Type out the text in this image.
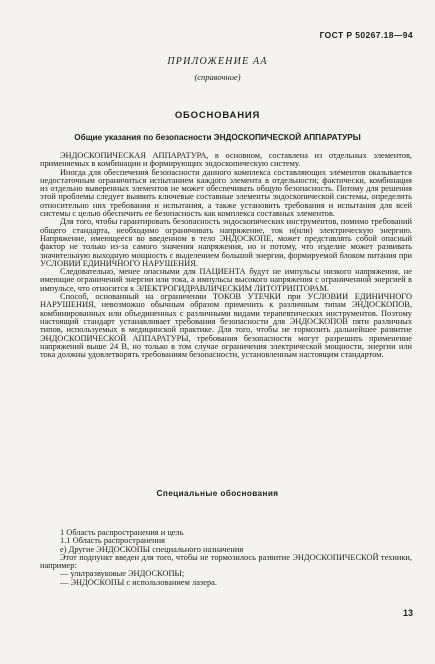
ГОСТ Р 50267.18—94
ПРИЛОЖЕНИЕ АА
(справочное)
ОБОСНОВАНИЯ
Общие указания по безопасности ЭНДОСКОПИЧЕСКОЙ АППАРАТУРЫ

ЭНДОСКОПИЧЕСКАЯ АППАРАТУРА, в основном, составлена из отдельных элементов, применяемых в комбинации и формирующих эндоскопическую систему.

Иногда для обеспечения безопасности данного комплекса составляющих элементов оказывается недостаточным ограничиться испытанием каждого элемента в отдельности; фактически, комбинация из отдельно выверенных элементов не может обеспечивать общую безопасность. Потому для решения этой проблемы следует выявить ключевые составные элементы эндоскопической системы, определить относительно них требования и испытания, а также установить требования и испытания для всей системы с целью обеспечить ее безопасность как комплекса составных элементов.

Для того, чтобы гарантировать безопасность эндоскопических инструментов, помимо требований общего стандарта, необходимо ограничивать напряжение, ток и(или) электрическую энергию. Напряжение, имеющееся во введенном в тело ЭНДОСКОПЕ, может представлять собой опасный фактор не только из-за самого значения напряжения, но и потому, что изделие может развивать значительную выходную мощность с выделением большой энергии, формируемой блоком питания при УСЛОВИИ ЕДИНИЧНОГО НАРУШЕНИЯ.

Следовательно, менее опасными для ПАЦИЕНТА будут не импульсы низкого напряжения, не имеющие ограничений энергии или тока, а импульсы высокого напряжения с ограниченной энергией в импульсе, что относится к ЭЛЕКТРОГИДРАВЛИЧЕСКИМ ЛИТОТРИПТОРАМ.

Способ, основанный на ограничении ТОКОВ УТЕЧКИ при УСЛОВИИ ЕДИНИЧНОГО НАРУШЕНИЯ, невозможно обычным образом применить к различным типам ЭНДОСКОПОВ, комбинированных или объединенных с различными видами терапевтических инструментов. Поэтому настоящий стандарт устанавливает требования безопасности для ЭНДОСКОПОВ пяти различных типов, используемых в медицинской практике. Для того, чтобы не тормозить дальнейшее развитие ЭНДОСКОПИЧЕСКОЙ АППАРАТУРЫ, требования безопасности могут разрешить применение напряжений выше 24 В, но только в том случае ограничения электрической мощности, энергии или тока должны удовлетворять требованиям безопасности, установленным настоящим стандартом.

Специальные обоснования

1 Область распространения и цель

1.1 Область распространения

е) Другие ЭНДОСКОПЫ специального назначения

Этот подпункт введен для того, чтобы не тормозилось развитие ЭНДОСКОПИЧЕСКОЙ техники, например:

— ультразвуковые ЭНДОСКОПЫ;

— ЭНДОСКОПЫ с использованием лазера.

13
